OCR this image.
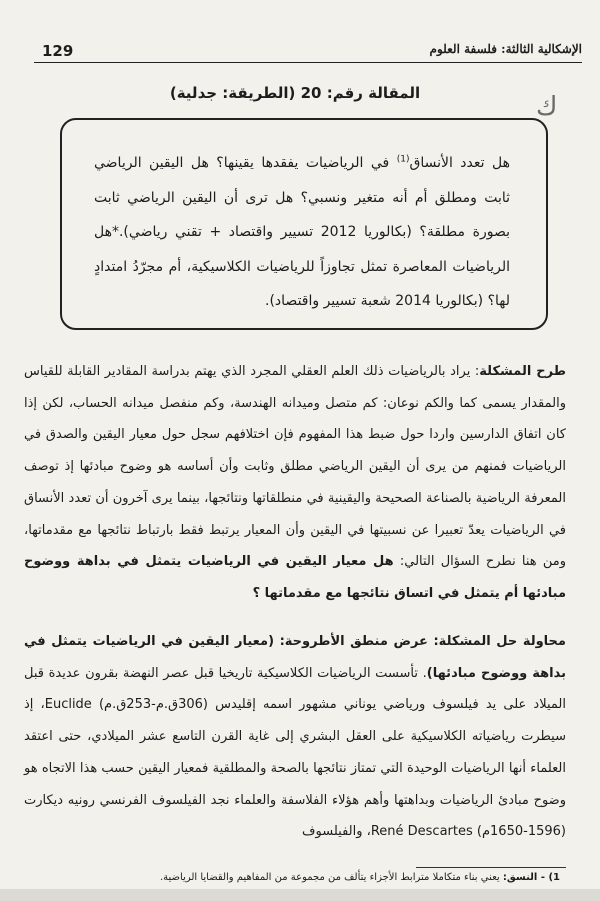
129	الإشكالية الثالثة: فلسفة العلوم
المقالة رقم: 20 (الطريقة: جدلية)	ك
هل تعدد الأنساق$^{(1)}$ في الرياضيات يفقدها يقينها؟ هل اليقين الرياضي ثابت ومطلق أم أنه متغير ونسبي؟ هل ترى أن اليقين الرياضي ثابت بصورة مطلقة؟ (بكالوريا 2012 تسيير واقتصاد + تقني رياضي).*هل الرياضيات المعاصرة تمثل تجاوزاً للرياضيات الكلاسيكية، أم مجرّدُ امتدادٍ لها؟ (بكالوريا 2014 شعبة تسيير واقتصاد).
طرح المشكلة: يراد بالرياضيات ذلك العلم العقلي المجرد الذي يهتم بدراسة المقادير القابلة للقياس والمقدار يسمى كما والكم نوعان: كم متصل وميدانه الهندسة، وكم منفصل ميدانه الحساب، لكن إذا كان اتفاق الدارسين واردا حول ضبط هذا المفهوم فإن اختلافهم سجل حول معيار اليقين والصدق في الرياضيات فمنهم من يرى أن اليقين الرياضي مطلق وثابت وأن أساسه هو وضوح مبادئها إذ توصف المعرفة الرياضية بالصناعة الصحيحة واليقينية في منطلقاتها ونتائجها، بينما يرى آخرون أن تعدد الأنساق في الرياضيات يعدّ تعبيرا عن نسبيتها في اليقين وأن المعيار يرتبط فقط بارتباط نتائجها مع مقدماتها، ومن هنا نطرح السؤال التالي: هل معيار اليقين في الرياضيات يتمثل في بداهة ووضوح مبادئها أم يتمثل في اتساق نتائجها مع مقدماتها ؟
محاولة حل المشكلة: عرض منطق الأطروحة: (معيار اليقين في الرياضيات يتمثل في بداهة ووضوح مبادئها). تأسست الرياضيات الكلاسيكية تاريخيا قبل عصر النهضة بقرون عديدة قبل الميلاد على يد فيلسوف ورياضي يوناني مشهور اسمه إقليدس (306ق.م-253ق.م) Euclide، إذ سيطرت رياضياته الكلاسيكية على العقل البشري إلى غاية القرن التاسع عشر الميلادي، حتى اعتقد العلماء أنها الرياضيات الوحيدة التي تمتاز نتائجها بالصحة والمطلقية فمعيار اليقين حسب هذا الاتجاه هو وضوح مبادئ الرياضيات وبداهتها وأهم هؤلاء الفلاسفة والعلماء نجد الفيلسوف الفرنسي رونيه ديكارت (1596-1650م) René Descartes، والفيلسوف
1) - النسق: يعني بناء متكاملا مترابط الأجزاء يتألف من مجموعة من المفاهيم والقضايا الرياضية.
